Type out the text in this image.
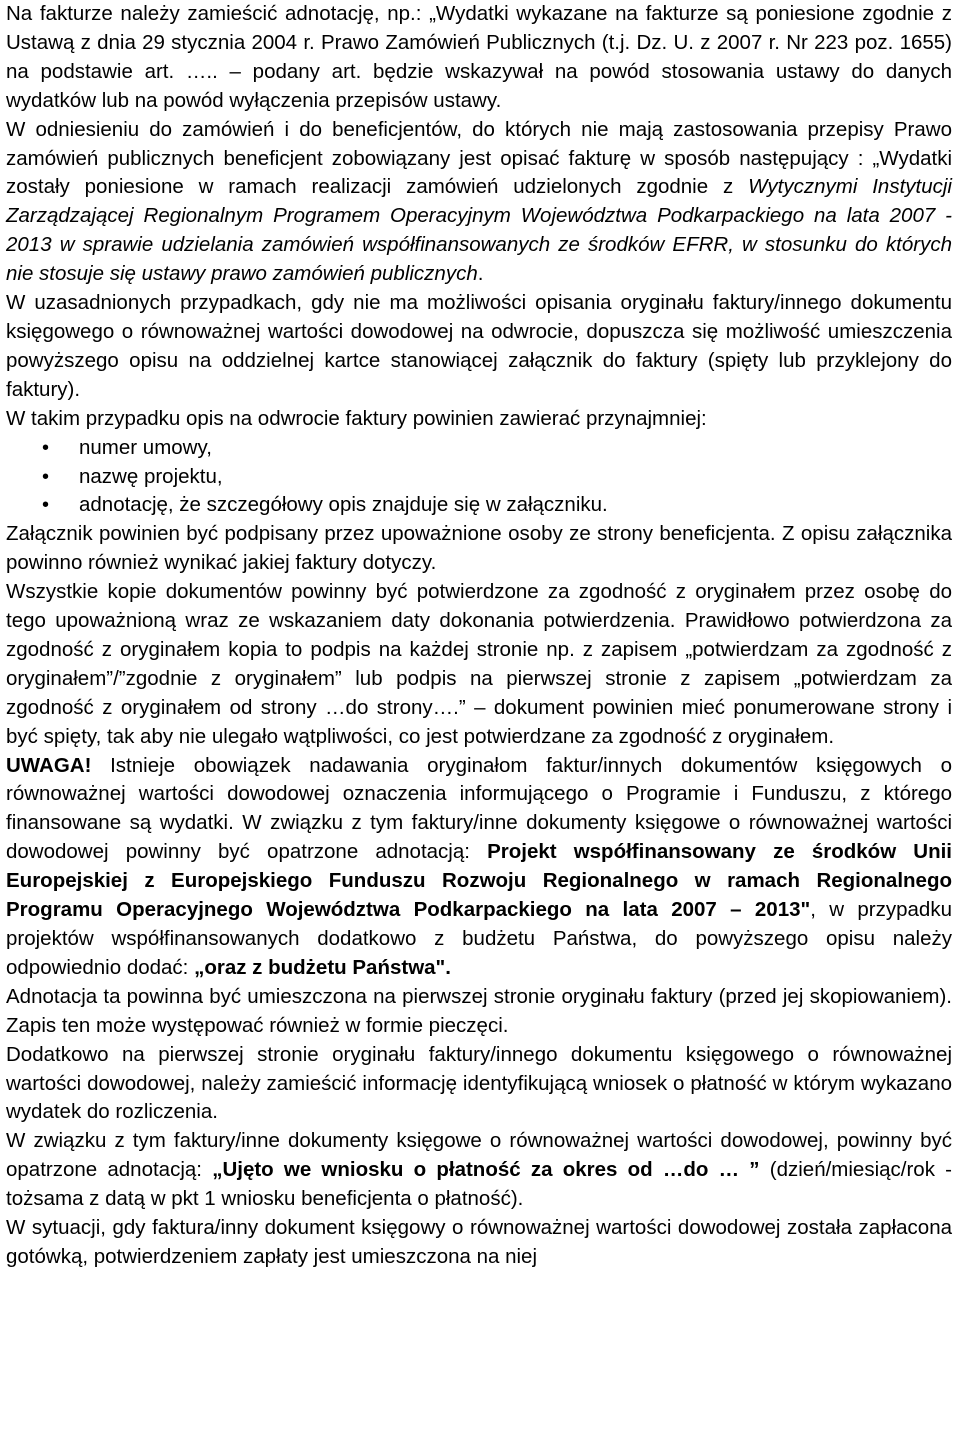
Na fakturze należy zamieścić adnotację, np.: „Wydatki wykazane na fakturze są poniesione zgodnie z Ustawą z dnia 29 stycznia 2004 r. Prawo Zamówień Publicznych (t.j. Dz. U. z 2007 r. Nr 223 poz. 1655) na podstawie art. ….. – podany art. będzie wskazywał na powód stosowania ustawy do danych wydatków lub na powód wyłączenia przepisów ustawy.

W odniesieniu do zamówień i do beneficjentów, do których nie mają zastosowania przepisy Prawo zamówień publicznych beneficjent zobowiązany jest opisać fakturę w sposób następujący : „Wydatki zostały poniesione w ramach realizacji zamówień udzielonych zgodnie z Wytycznymi Instytucji Zarządzającej Regionalnym Programem Operacyjnym Województwa Podkarpackiego na lata 2007 - 2013 w sprawie udzielania zamówień współfinansowanych ze środków EFRR, w stosunku do których nie stosuje się ustawy prawo zamówień publicznych.

W uzasadnionych przypadkach, gdy nie ma możliwości opisania oryginału faktury/innego dokumentu księgowego o równoważnej wartości dowodowej na odwrocie, dopuszcza się możliwość umieszczenia powyższego opisu na oddzielnej kartce stanowiącej załącznik do faktury (spięty lub przyklejony do faktury).

W takim przypadku opis na odwrocie faktury powinien zawierać przynajmniej:

• numer umowy,
• nazwę projektu,
• adnotację, że szczegółowy opis znajduje się w załączniku.

Załącznik powinien być podpisany przez upoważnione osoby ze strony beneficjenta. Z opisu załącznika powinno również wynikać jakiej faktury dotyczy.

Wszystkie kopie dokumentów powinny być potwierdzone za zgodność z oryginałem przez osobę do tego upoważnioną wraz ze wskazaniem daty dokonania potwierdzenia. Prawidłowo potwierdzona za zgodność z oryginałem kopia to podpis na każdej stronie np. z zapisem „potwierdzam za zgodność z oryginałem”/”zgodnie z oryginałem” lub podpis na pierwszej stronie z zapisem „potwierdzam za zgodność z oryginałem od strony …do strony….” – dokument powinien mieć ponumerowane strony i być spięty, tak aby nie ulegało wątpliwości, co jest potwierdzane za zgodność z oryginałem.

UWAGA! Istnieje obowiązek nadawania oryginałom faktur/innych dokumentów księgowych o równoważnej wartości dowodowej oznaczenia informującego o Programie i Funduszu, z którego finansowane są wydatki. W związku z tym faktury/inne dokumenty księgowe o równoważnej wartości dowodowej powinny być opatrzone adnotacją: Projekt współfinansowany ze środków Unii Europejskiej z Europejskiego Funduszu Rozwoju Regionalnego w ramach Regionalnego Programu Operacyjnego Województwa Podkarpackiego na lata 2007 – 2013", w przypadku projektów współfinansowanych dodatkowo z budżetu Państwa, do powyższego opisu należy odpowiednio dodać: „oraz z budżetu Państwa".

Adnotacja ta powinna być umieszczona na pierwszej stronie oryginału faktury (przed jej skopiowaniem). Zapis ten może występować również w formie pieczęci.

Dodatkowo na pierwszej stronie oryginału faktury/innego dokumentu księgowego o równoważnej wartości dowodowej, należy zamieścić informację identyfikującą wniosek o płatność w którym wykazano wydatek do rozliczenia.

W związku z tym faktury/inne dokumenty księgowe o równoważnej wartości dowodowej, powinny być opatrzone adnotacją: „Ujęto we wniosku o płatność za okres od …do … ” (dzień/miesiąc/rok - tożsama z datą w pkt 1 wniosku beneficjenta o płatność).

W sytuacji, gdy faktura/inny dokument księgowy o równoważnej wartości dowodowej została zapłacona gotówką, potwierdzeniem zapłaty jest umieszczona na niej
